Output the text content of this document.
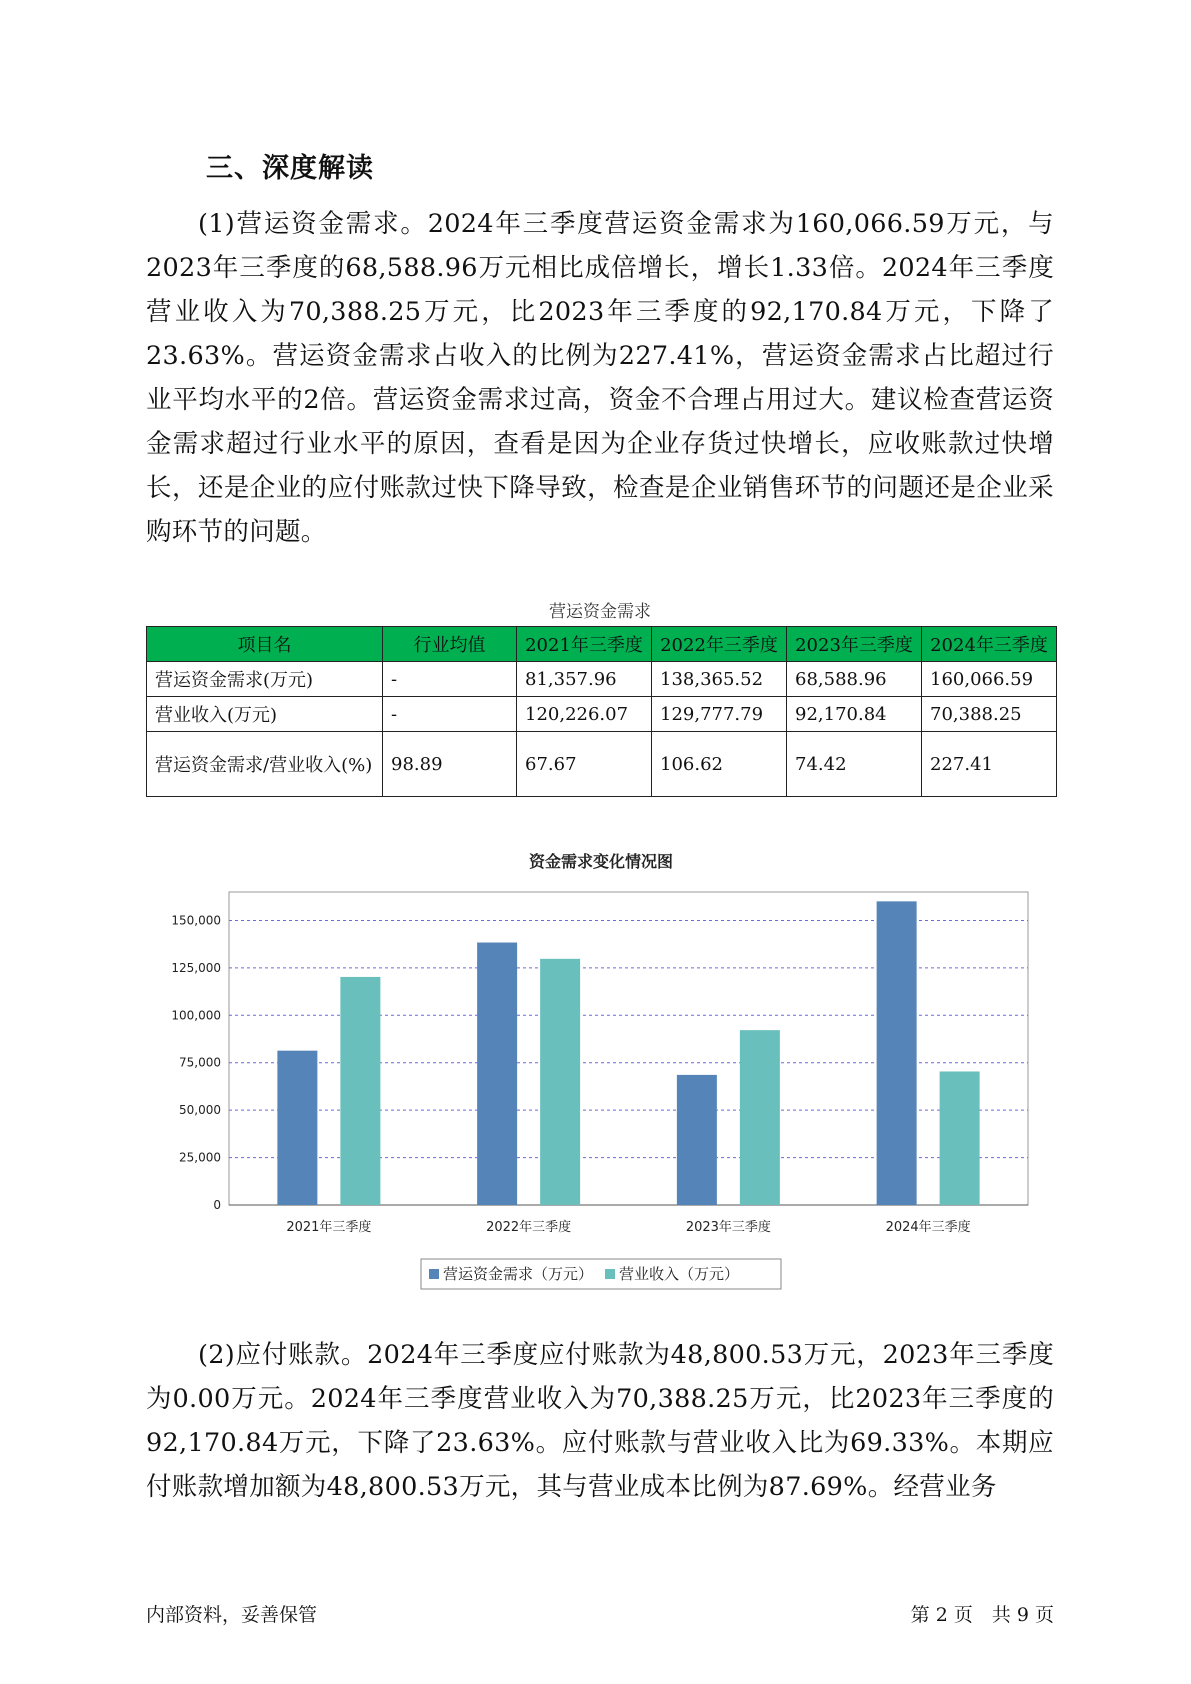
三、深度解读
(1)营运资金需求。2024年三季度营运资金需求为160,066.59万元，与2023年三季度的68,588.96万元相比成倍增长，增长1.33倍。2024年三季度营业收入为70,388.25万元，比2023年三季度的92,170.84万元，下降了23.63%。营运资金需求占收入的比例为227.41%，营运资金需求占比超过行业平均水平的2倍。营运资金需求过高，资金不合理占用过大。建议检查营运资金需求超过行业水平的原因，查看是因为企业存货过快增长，应收账款过快增长，还是企业的应付账款过快下降导致，检查是企业销售环节的问题还是企业采购环节的问题。
营运资金需求
项目名	行业均值	2021年三季度	2022年三季度	2023年三季度	2024年三季度
营运资金需求(万元)	-	81,357.96	138,365.52	68,588.96	160,066.59
营业收入(万元)	-	120,226.07	129,777.79	92,170.84	70,388.25
营运资金需求/营业收入(%)	98.89	67.67	106.62	74.42	227.41
资金需求变化情况图
0
25,000
50,000
75,000
100,000
125,000
150,000
2021年三季度	2022年三季度	2023年三季度	2024年三季度
营运资金需求（万元） 营业收入（万元）
(2)应付账款。2024年三季度应付账款为48,800.53万元，2023年三季度为0.00万元。2024年三季度营业收入为70,388.25万元，比2023年三季度的92,170.84万元，下降了23.63%。应付账款与营业收入比为69.33%。本期应付账款增加额为48,800.53万元，其与营业成本比例为87.69%。经营业务
内部资料，妥善保管	第 2 页　共 9 页
